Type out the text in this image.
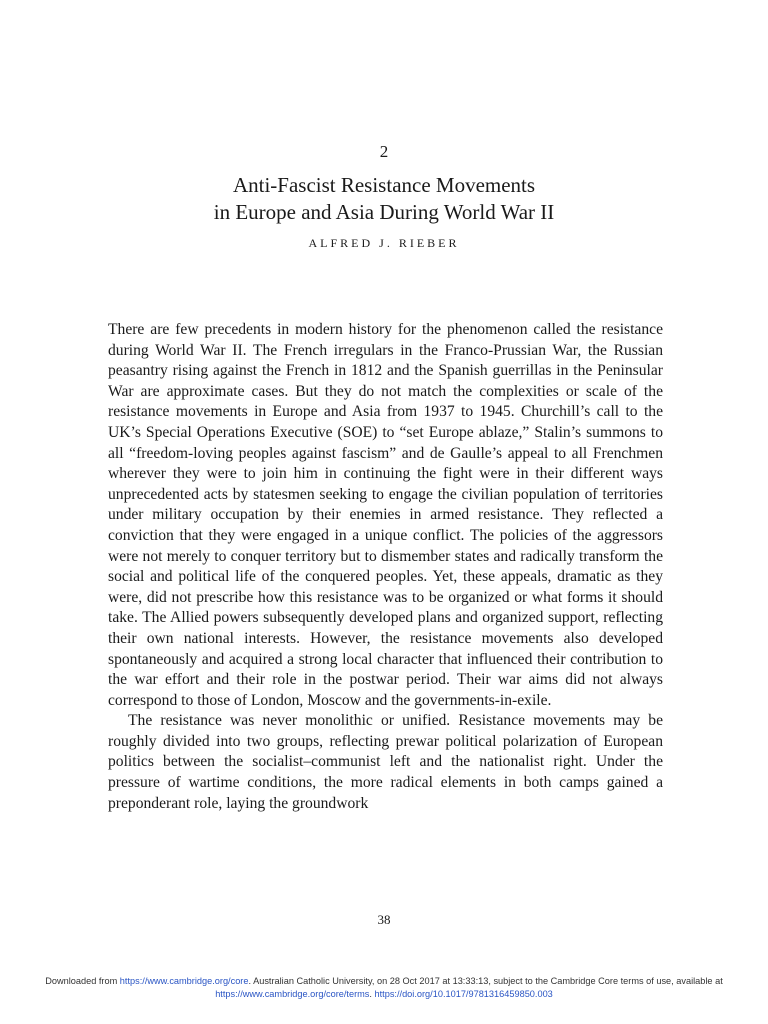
2
Anti-Fascist Resistance Movements
in Europe and Asia During World War II
ALFRED J. RIEBER

There are few precedents in modern history for the phenomenon called the resistance during World War II. The French irregulars in the Franco-Prussian War, the Russian peasantry rising against the French in 1812 and the Spanish guerrillas in the Peninsular War are approximate cases. But they do not match the complexities or scale of the resistance movements in Europe and Asia from 1937 to 1945. Churchill’s call to the UK’s Special Operations Executive (SOE) to “set Europe ablaze,” Stalin’s summons to all “freedom-loving peoples against fascism” and de Gaulle’s appeal to all Frenchmen wherever they were to join him in continuing the fight were in their different ways unprecedented acts by statesmen seeking to engage the civilian population of territories under military occupation by their enemies in armed resistance. They reflected a conviction that they were engaged in a unique conflict. The policies of the aggressors were not merely to conquer territory but to dismember states and radically transform the social and political life of the conquered peoples. Yet, these appeals, dramatic as they were, did not prescribe how this resistance was to be organized or what forms it should take. The Allied powers subsequently developed plans and organized support, reflecting their own national interests. However, the resistance movements also developed spontaneously and acquired a strong local character that influenced their contribution to the war effort and their role in the postwar period. Their war aims did not always correspond to those of London, Moscow and the governments-in-exile.

The resistance was never monolithic or unified. Resistance movements may be roughly divided into two groups, reflecting prewar political polarization of European politics between the socialist–communist left and the nationalist right. Under the pressure of wartime conditions, the more radical elements in both camps gained a preponderant role, laying the groundwork

38
Downloaded from https://www.cambridge.org/core. Australian Catholic University, on 28 Oct 2017 at 13:33:13, subject to the Cambridge Core terms of use, available at https://www.cambridge.org/core/terms. https://doi.org/10.1017/9781316459850.003
